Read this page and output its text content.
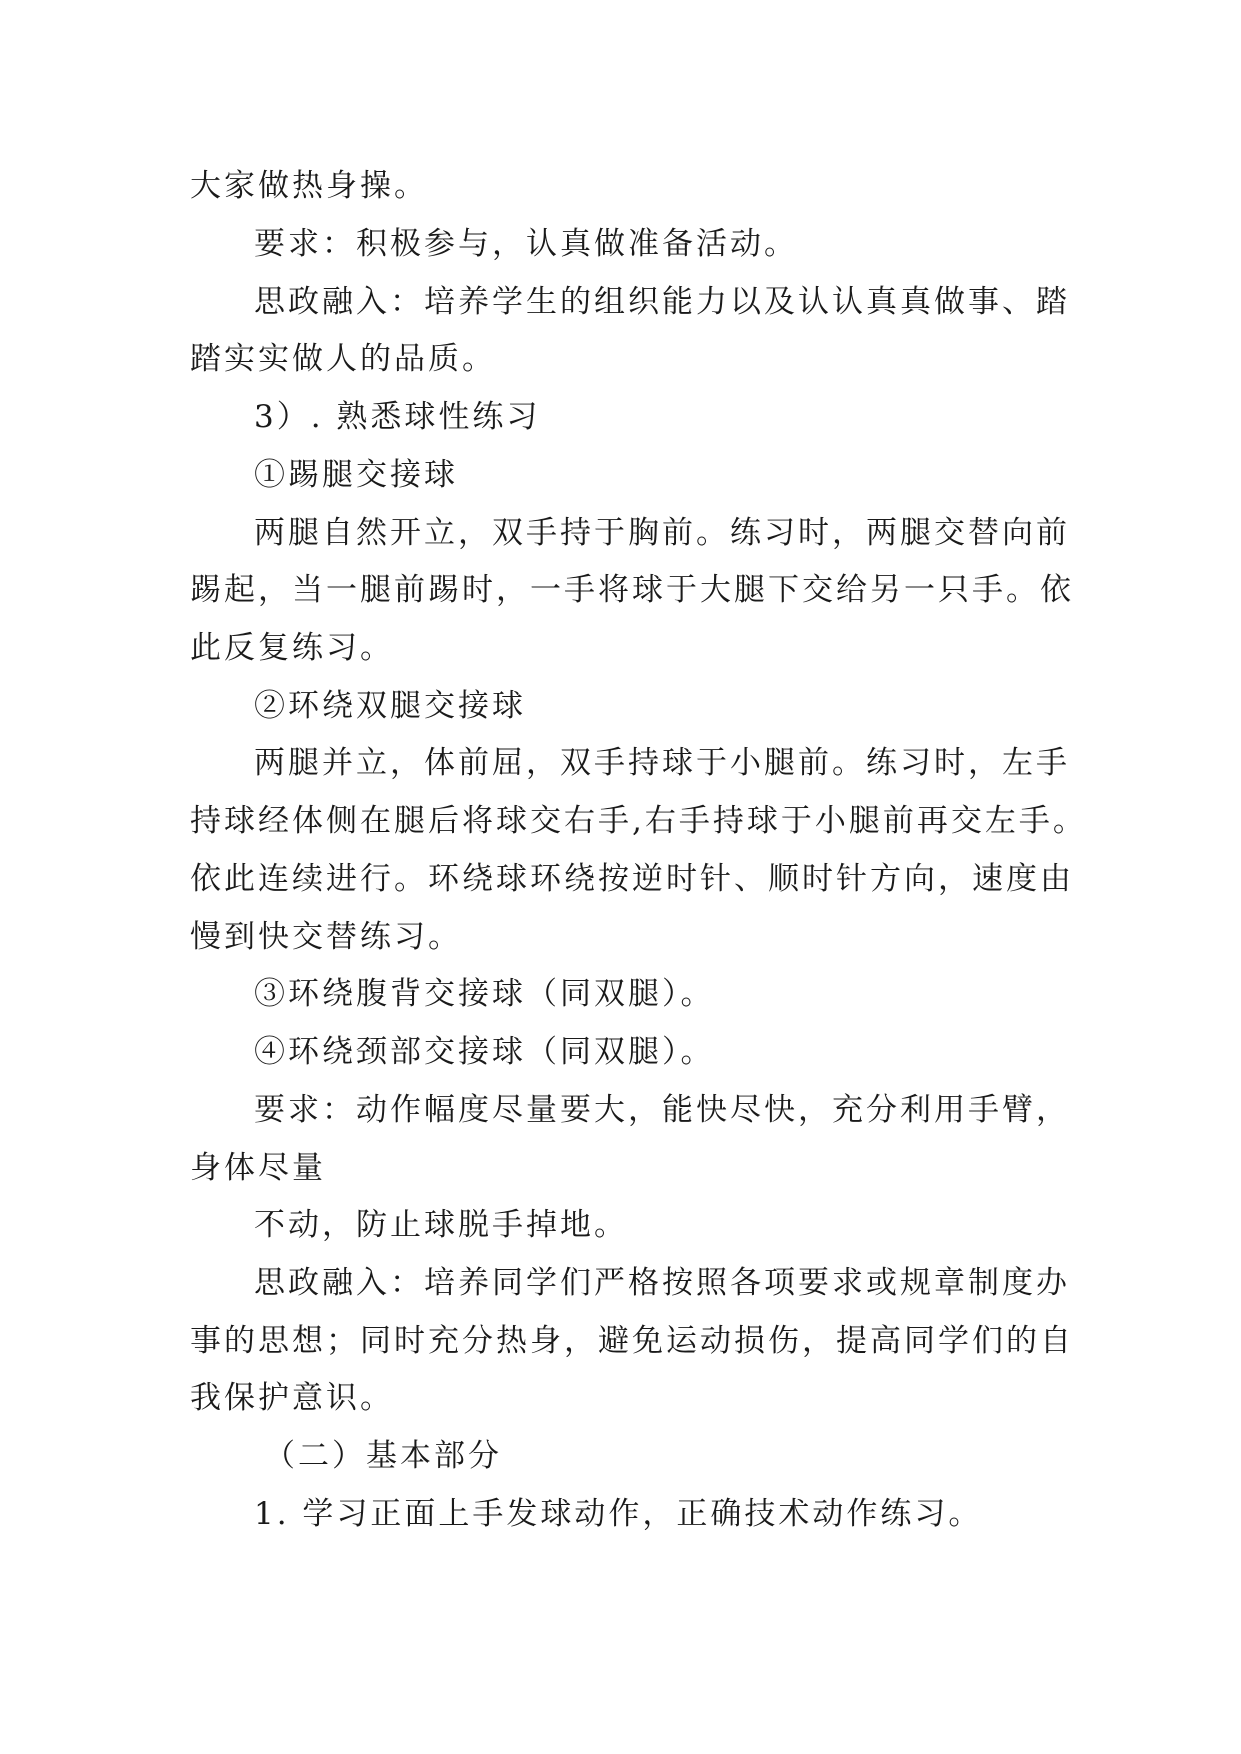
大家做热身操。
要求：积极参与，认真做准备活动。
思政融入：培养学生的组织能力以及认认真真做事、踏
踏实实做人的品质。
3）. 熟悉球性练习
①踢腿交接球
两腿自然开立，双手持于胸前。练习时，两腿交替向前
踢起，当一腿前踢时，一手将球于大腿下交给另一只手。依
此反复练习。
②环绕双腿交接球
两腿并立，体前屈，双手持球于小腿前。练习时，左手
持球经体侧在腿后将球交右手,右手持球于小腿前再交左手。
依此连续进行。环绕球环绕按逆时针、顺时针方向，速度由
慢到快交替练习。
③环绕腹背交接球（同双腿）。
④环绕颈部交接球（同双腿）。
要求：动作幅度尽量要大，能快尽快，充分利用手臂，
身体尽量
不动，防止球脱手掉地。
思政融入：培养同学们严格按照各项要求或规章制度办
事的思想；同时充分热身，避免运动损伤，提高同学们的自
我保护意识。
（二）基本部分
1. 学习正面上手发球动作，正确技术动作练习。
